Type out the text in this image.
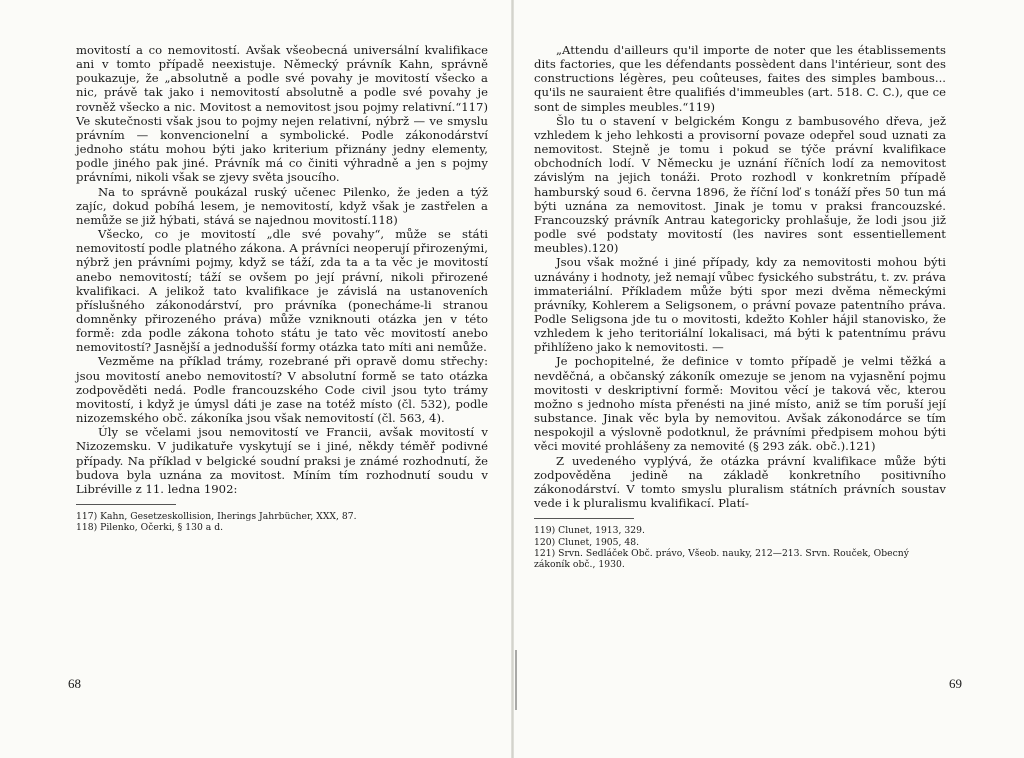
movitostí a co nemovitostí. Avšak všeobecná universální kvalifikace ani v tomto případě neexistuje. Německý právník Kahn, správně poukazuje, že „absolutně a podle své povahy je movitostí všecko a nic, právě tak jako i nemovitostí absolutně a podle své povahy je rovněž všecko a nic. Movitost a nemovitost jsou pojmy relativní.“117) Ve skutečnosti však jsou to pojmy nejen relativní, nýbrž — ve smyslu právním — konvencionelní a symbolické. Podle zákonodárství jednoho státu mohou býti jako kriterium přiznány jedny elementy, podle jiného pak jiné. Právník má co činiti výhradně a jen s pojmy právními, nikoli však se zjevy světa jsoucího.

Na to správně poukázal ruský učenec Pilenko, že jeden a týž zajíc, dokud pobíhá lesem, je nemovitostí, když však je zastřelen a nemůže se již hýbati, stává se najednou movitostí.118)

Všecko, co je movitostí „dle své povahy“, může se státi nemovitostí podle platného zákona. A právníci neoperují přirozenými, nýbrž jen právními pojmy, když se táží, zda ta a ta věc je movitostí anebo nemovitostí; táží se ovšem po její právní, nikoli přirozené kvalifikaci. A jelikož tato kvalifikace je závislá na ustanoveních příslušného zákonodárství, pro právníka (ponecháme-li stranou domněnky přirozeného práva) může vzniknouti otázka jen v této formě: zda podle zákona tohoto státu je tato věc movitostí anebo nemovitostí? Jasnější a jednodušší formy otázka tato míti ani nemůže.

Vezměme na příklad trámy, rozebrané při opravě domu střechy: jsou movitostí anebo nemovitostí? V absolutní formě se tato otázka zodpověděti nedá. Podle francouzského Code civil jsou tyto trámy movitostí, i když je úmysl dáti je zase na totéž místo (čl. 532), podle nizozemského obč. zákoníka jsou však nemovitostí (čl. 563, 4).

Úly se včelami jsou nemovitostí ve Francii, avšak movitostí v Nizozemsku. V judikatuře vyskytují se i jiné, někdy téměř podivné případy. Na příklad v belgické soudní praksi je známé rozhodnutí, že budova byla uznána za movitost. Míním tím rozhodnutí soudu v Libréville z 11. ledna 1902:

117) Kahn, Gesetzeskollision, Iherings Jahrbücher, XXX, 87.

118) Pilenko, Očerki, § 130 a d.

68

„Attendu d'ailleurs qu'il importe de noter que les établissements dits factories, que les défendants possèdent dans l'intérieur, sont des constructions légères, peu coûteuses, faites des simples bambous... qu'ils ne sauraient être qualifiés d'immeubles (art. 518. C. C.), que ce sont de simples meubles.“119)

Šlo tu o stavení v belgickém Kongu z bambusového dřeva, jež vzhledem k jeho lehkosti a provisorní povaze odepřel soud uznati za nemovitost. Stejně je tomu i pokud se týče právní kvalifikace obchodních lodí. V Německu je uznání říčních lodí za nemovitost závislým na jejich tonáži. Proto rozhodl v konkretním případě hamburský soud 6. června 1896, že říční loď s tonáží přes 50 tun má býti uznána za nemovitost. Jinak je tomu v praksi francouzské. Francouzský právník Antrau kategoricky prohlašuje, že lodi jsou již podle své podstaty movitostí (les navires sont essentiellement meubles).120)

Jsou však možné i jiné případy, kdy za nemovitosti mohou býti uznávány i hodnoty, jež nemají vůbec fysického substrátu, t. zv. práva immateriální. Příkladem může býti spor mezi dvěma německými právníky, Kohlerem a Seligsonem, o právní povaze patentního práva. Podle Seligsona jde tu o movitosti, kdežto Kohler hájil stanovisko, že vzhledem k jeho teritoriální lokalisaci, má býti k patentnímu právu přihlíženo jako k nemovitosti. —

Je pochopitelné, že definice v tomto případě je velmi těžká a nevděčná, a občanský zákoník omezuje se jenom na vyjasnění pojmu movitosti v deskriptivní formě: Movitou věcí je taková věc, kterou možno s jednoho místa přenésti na jiné místo, aniž se tím poruší její substance. Jinak věc byla by nemovitou. Avšak zákonodárce se tím nespokojil a výslovně podotknul, že právními předpisem mohou býti věci movité prohlášeny za nemovité (§ 293 zák. obč.).121)

Z uvedeného vyplývá, že otázka právní kvalifikace může býti zodpověděna jedině na základě konkretního positivního zákonodárství. V tomto smyslu pluralism státních právních soustav vede i k pluralismu kvalifikací. Platí-

119) Clunet, 1913, 329.

120) Clunet, 1905, 48.

121) Srvn. Sedláček Obč. právo, Všeob. nauky, 212—213. Srvn. Rouček, Obecný zákoník obč., 1930.

69
